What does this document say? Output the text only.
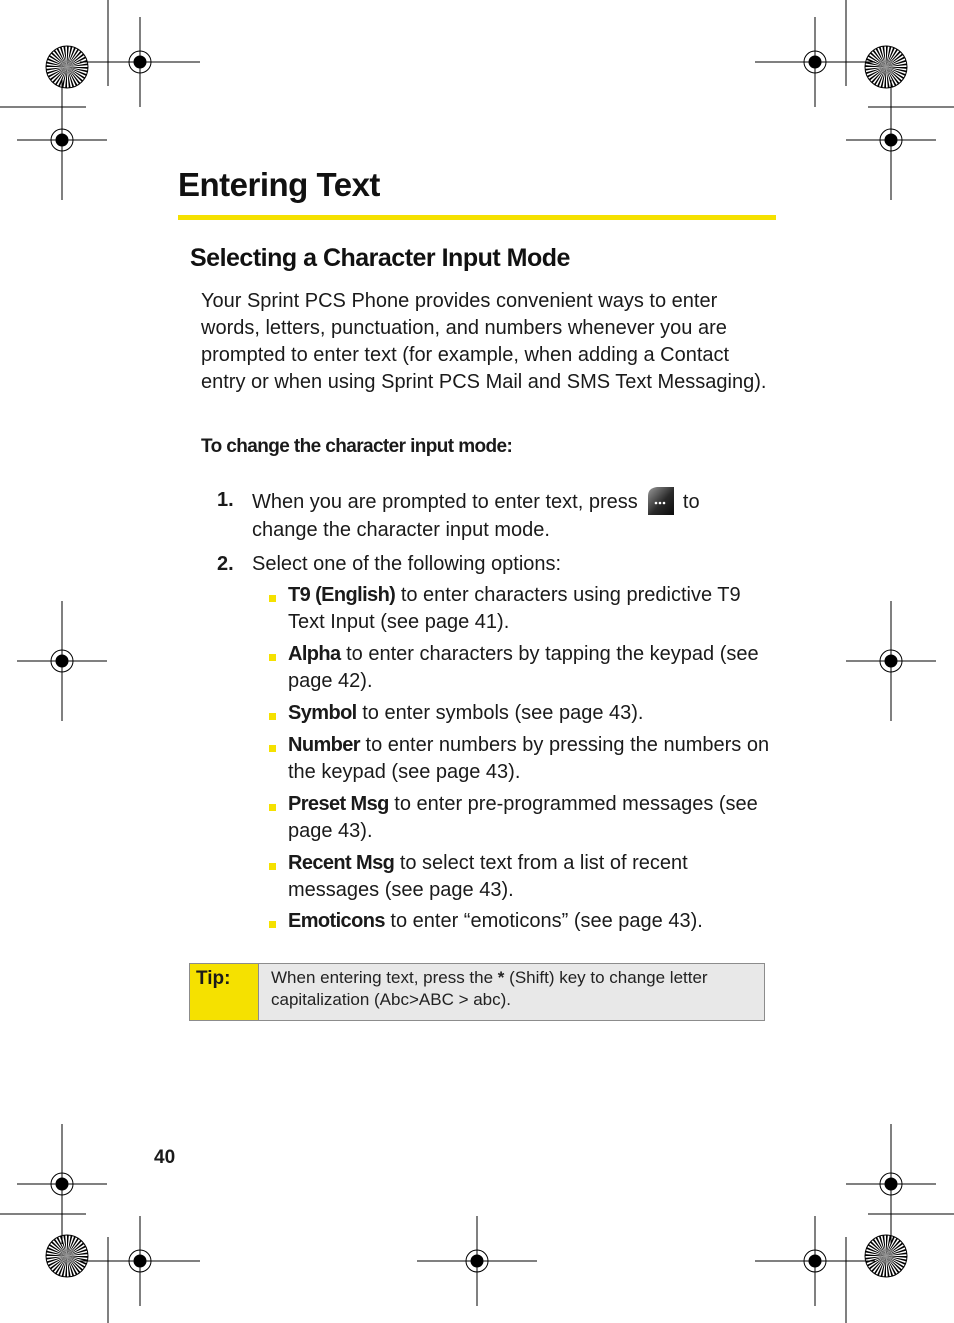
Entering Text
Selecting a Character Input Mode

Your Sprint PCS Phone provides convenient ways to enter words, letters, punctuation, and numbers whenever you are prompted to enter text (for example, when adding a Contact entry or when using Sprint PCS Mail and SMS Text Messaging).

To change the character input mode:

1. When you are prompted to enter text, press to change the character input mode.
2. Select one of the following options:
T9 (English) to enter characters using predictive T9 Text Input (see page 41).
Alpha to enter characters by tapping the keypad (see page 42).
Symbol to enter symbols (see page 43).
Number to enter numbers by pressing the numbers on the keypad (see page 43).
Preset Msg to enter pre-programmed messages (see page 43).
Recent Msg to select text from a list of recent messages (see page 43).
Emoticons to enter “emoticons” (see page 43).
Tip: When entering text, press the * (Shift) key to change letter capitalization (Abc>ABC > abc).
40
